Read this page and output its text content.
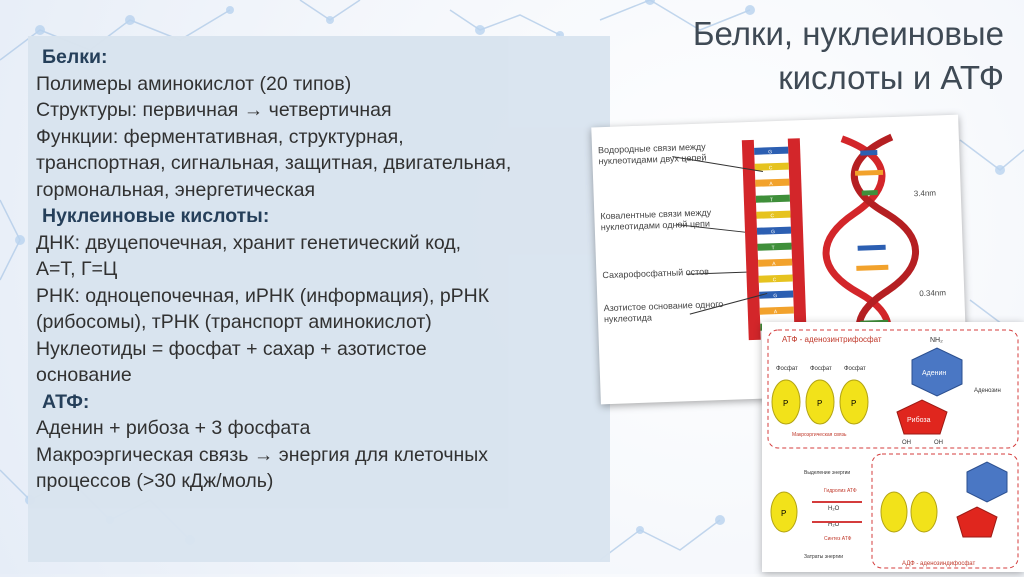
Белки, нуклеиновые
кислоты и АТФ
Белки:
Полимеры аминокислот (20 типов)
Структуры: первичная → четвертичная
Функции: ферментативная, структурная,
транспортная, сигнальная, защитная, двигательная,
гормональная, энергетическая
Нуклеиновые кислоты:
ДНК: двуцепочечная, хранит генетический код,
А=Т, Г=Ц
РНК: одноцепочечная, иРНК (информация), рРНК
(рибосомы), тРНК (транспорт аминокислот)
Нуклеотиды = фосфат + сахар + азотистое
основание
АТФ:
Аденин + рибоза + 3 фосфата
Макроэргическая связь → энергия для клеточных
процессов (>30 кДж/моль)
G
C
A
T
C
G
T
A
C
G
A
3.4nm
0.34nm
Водородные связи между нуклеотидами двух цепей
Ковалентные связи между нуклеотидами одной цепи
Сахарофосфатный остов
Азотистое основание одного нуклеотида
АТФ - аденозинтрифосфат
Фосфат Фосфат Фосфат
P	P	P
Аденин
NH₂
Рибоза
OH	OH
Аденозин
Макроэргическая связь
P
Выделение энергии
Затраты энергии
Гидролиз АТФ
Синтез АТФ
H₂O
H₂O
АДФ - аденозиндифосфат
